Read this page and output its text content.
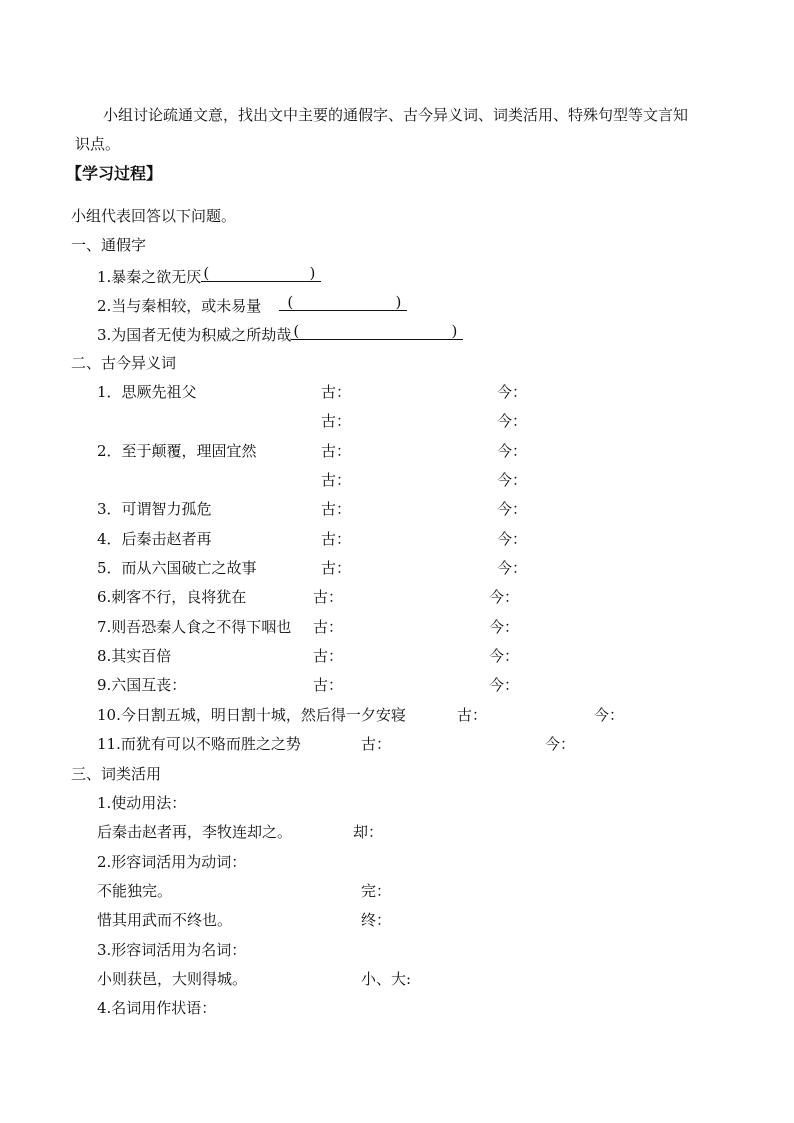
小组讨论疏通文意，找出文中主要的通假字、古今异义词、词类活用、特殊句型等文言知
识点。
【学习过程】
小组代表回答以下问题。
一、通假字
1.暴秦之欲无厌 (	)
2.当与秦相较，或未易量 (	)
3.为国者无使为积威之所劫哉 (	)
二、古今异义词
1．思厥先祖父	古：	今：
古：	今：
2．至于颠覆，理固宜然	古：	今：
古：	今：
3．可谓智力孤危	古：	今：
4．后秦击赵者再	古：	今：
5．而从六国破亡之故事	古：	今：
6.刺客不行，良将犹在	古：	今：
7.则吾恐秦人食之不得下咽也 古：	今：
8.其实百倍	古：	今：
9.六国互丧：	古：	今：
10.今日割五城，明日割十城，然后得一夕安寝	古：	今：
11.而犹有可以不赂而胜之之势	古：	今：
三、词类活用
1.使动用法：
后秦击赵者再，李牧连却之。	却：
2.形容词活用为动词：
不能独完。	完：
惜其用武而不终也。	终：
3.形容词活用为名词：
小则获邑，大则得城。	小、大:
4.名词用作状语：
